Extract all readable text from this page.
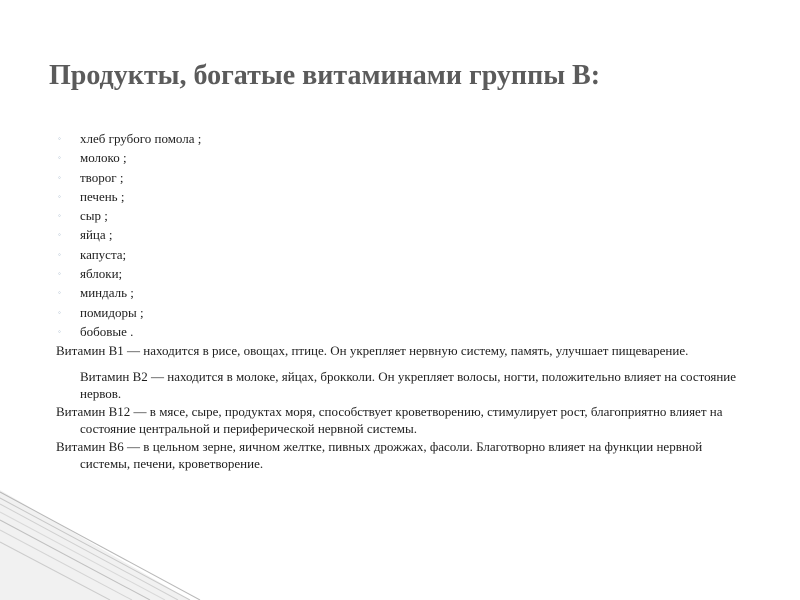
Продукты, богатые витаминами группы В:
◦ хлеб грубого помола ;
◦ молоко ;
◦ творог ;
◦ печень ;
◦ сыр ;
◦ яйца ;
◦ капуста;
◦ яблоки;
◦ миндаль ;
◦ помидоры ;
◦ бобовые .

Витамин В1 — находится в рисе, овощах, птице. Он укрепляет нервную систему, память, улучшает пищеварение.

Витамин В2 — находится в молоке, яйцах, брокколи. Он укрепляет волосы, ногти, положительно влияет на состояние нервов.

Витамин В12 — в мясе, сыре, продуктах моря, способствует кроветворению, стимулирует рост, благоприятно влияет на состояние центральной и периферической нервной системы.

Витамин В6 — в цельном зерне, яичном желтке, пивных дрожжах, фасоли. Благотворно влияет на функции нервной системы, печени, кроветворение.
